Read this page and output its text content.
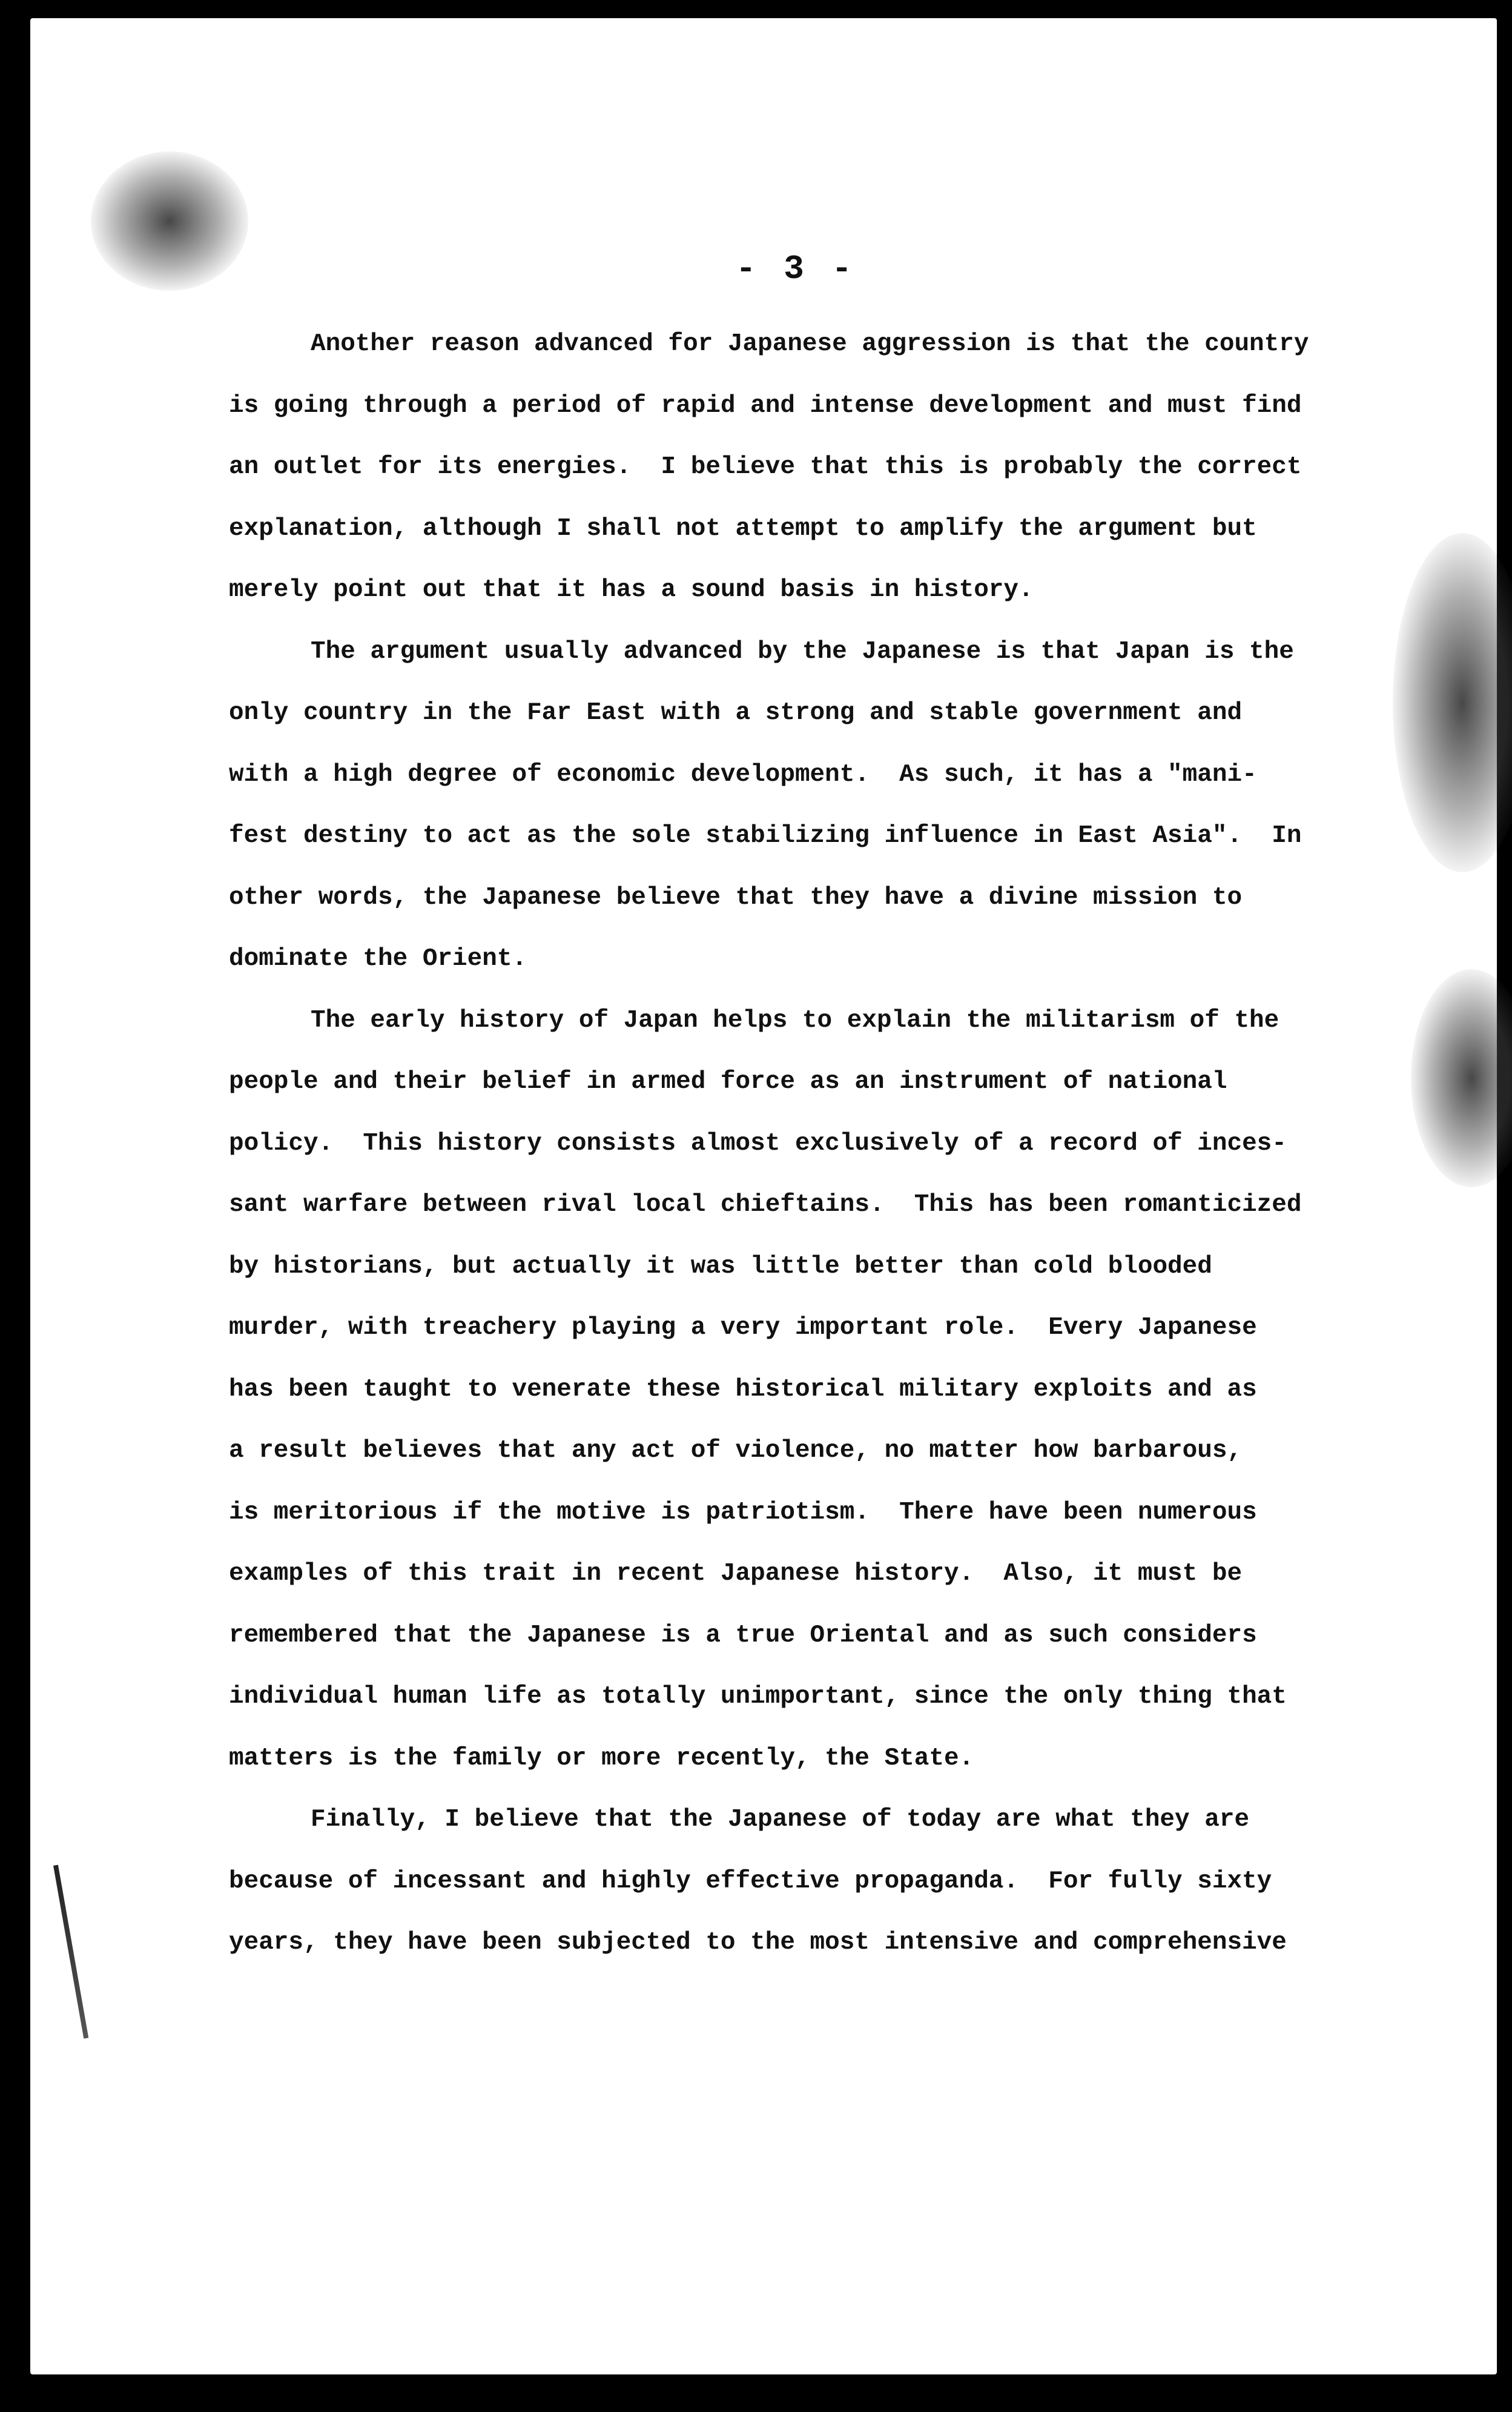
- 3 -
Another reason advanced for Japanese aggression is that the country
is going through a period of rapid and intense development and must find
an outlet for its energies.  I believe that this is probably the correct
explanation, although I shall not attempt to amplify the argument but
merely point out that it has a sound basis in history.
The argument usually advanced by the Japanese is that Japan is the
only country in the Far East with a strong and stable government and
with a high degree of economic development.  As such, it has a "mani-
fest destiny to act as the sole stabilizing influence in East Asia".  In
other words, the Japanese believe that they have a divine mission to
dominate the Orient.
The early history of Japan helps to explain the militarism of the
people and their belief in armed force as an instrument of national
policy.  This history consists almost exclusively of a record of inces-
sant warfare between rival local chieftains.  This has been romanticized
by historians, but actually it was little better than cold blooded
murder, with treachery playing a very important role.  Every Japanese
has been taught to venerate these historical military exploits and as
a result believes that any act of violence, no matter how barbarous,
is meritorious if the motive is patriotism.  There have been numerous
examples of this trait in recent Japanese history.  Also, it must be
remembered that the Japanese is a true Oriental and as such considers
individual human life as totally unimportant, since the only thing that
matters is the family or more recently, the State.
Finally, I believe that the Japanese of today are what they are
because of incessant and highly effective propaganda.  For fully sixty
years, they have been subjected to the most intensive and comprehensive
